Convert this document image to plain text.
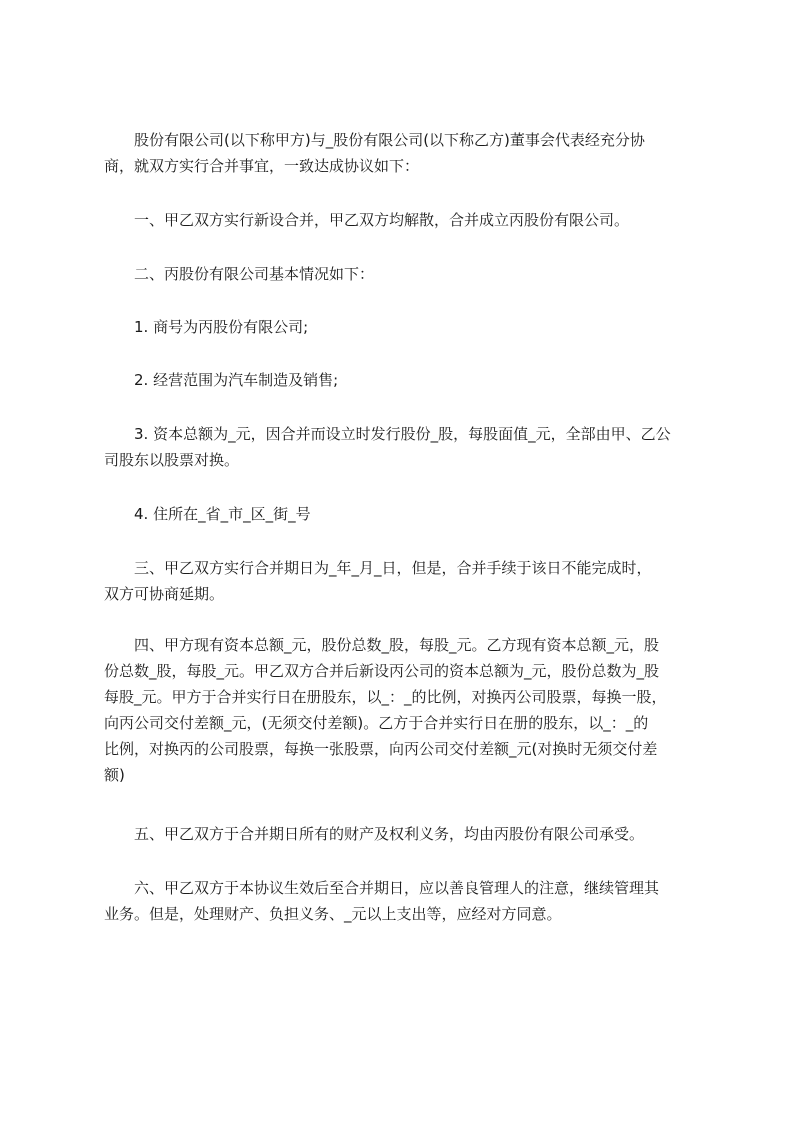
　　股份有限公司(以下称甲方)与_股份有限公司(以下称乙方)董事会代表经充分协
商，就双方实行合并事宜，一致达成协议如下：
　　一、甲乙双方实行新设合并，甲乙双方均解散，合并成立丙股份有限公司。
　　二、丙股份有限公司基本情况如下：
　　1. 商号为丙股份有限公司;
　　2. 经营范围为汽车制造及销售;
　　3. 资本总额为_元，因合并而设立时发行股份_股，每股面值_元，全部由甲、乙公
司股东以股票对换。
　　4. 住所在_省_市_区_街_号
　　三、甲乙双方实行合并期日为_年_月_日，但是，合并手续于该日不能完成时，
双方可协商延期。
　　四、甲方现有资本总额_元，股份总数_股，每股_元。乙方现有资本总额_元，股
份总数_股，每股_元。甲乙双方合并后新设丙公司的资本总额为_元，股份总数为_股
每股_元。甲方于合并实行日在册股东，以_：_的比例，对换丙公司股票，每换一股，
向丙公司交付差额_元，(无须交付差额)。乙方于合并实行日在册的股东，以_：_的
比例，对换丙的公司股票，每换一张股票，向丙公司交付差额_元(对换时无须交付差
额)
　　五、甲乙双方于合并期日所有的财产及权利义务，均由丙股份有限公司承受。
　　六、甲乙双方于本协议生效后至合并期日，应以善良管理人的注意，继续管理其
业务。但是，处理财产、负担义务、_元以上支出等，应经对方同意。
